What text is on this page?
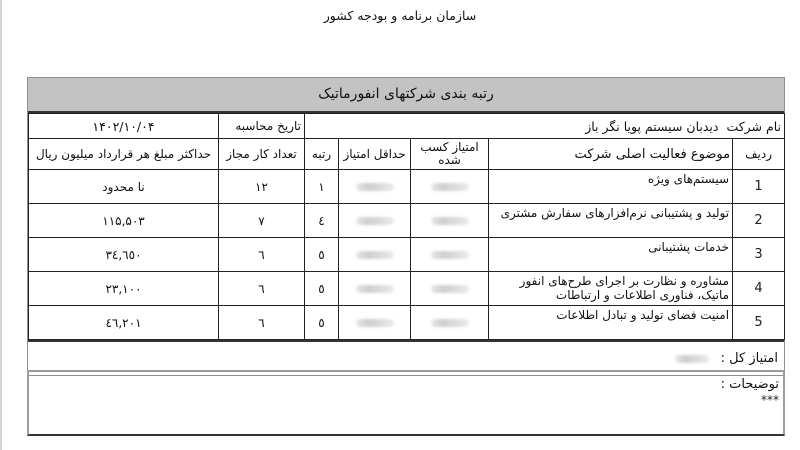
سازمان برنامه و بودجه کشور
رتبه بندی شرکتهای انفورماتیک
نام شرکت  دیدبان سیستم پویا نگر باز					تاریخ محاسبه	۱۴۰۲/۱۰/۰۴
ردیف	موضوع فعالیت اصلی شرکت	امتیاز کسب شده	حداقل امتیاز	رتبه	تعداد کار مجاز	حداکثر مبلغ هر قرارداد میلیون ریال
1	سیستم‌های ویژه			۱	۱۲	نا محدود
2	تولید و پشتیبانی نرم‌افزارهای سفارش مشتری			٤	۷	۱۱۵,۵۰۳
3	خدمات پشتیبانی			٥	٦	٣٤,٦٥٠
4	مشاوره و نظارت بر اجرای طرح‌های انفور ماتیک، فناوری اطلاعات و ارتباطات			٥	٦	٢٣,١٠٠
5	امنیت فضای تولید و تبادل اطلاعات			٥	٦	٤٦,٢٠١
امتیاز کل :
توضیحات :
***
